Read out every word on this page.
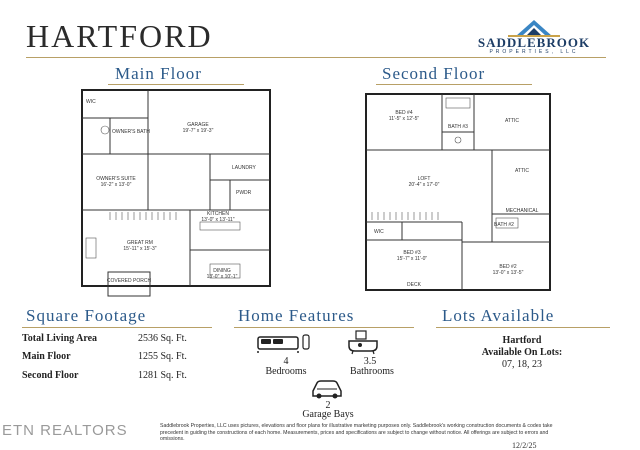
HARTFORD	SADDLEBROOK
PROPERTIES, LLC
Main Floor
WIC
OWNER'S BATH
GARAGE
19'-7" x 19'-3"
OWNER'S SUITE
16'-2" x 13'-0"
LAUNDRY
PWDR
KITCHEN
13'-0" x 13'-11"
GREAT RM
15'-11" x 15'-3"
DINING
13'-0" x 10'-1"
COVERED PORCH
Second Floor
BED #4
11'-5" x 12'-5"
BATH #3
ATTIC
LOFT
20'-4" x 17'-0"
ATTIC
MECHANICAL
WIC
BATH #2
BED #3
15'-7" x 11'-0"
BED #2
13'-0" x 13'-5"
DECK
Square Footage
Total Living Area	2536 Sq. Ft.
Main Floor	1255 Sq. Ft.
Second Floor	1281 Sq. Ft.
Home Features
4
Bedrooms
3.5
Bathrooms
2
Garage Bays
Lots Available
Hartford
Available On Lots:
07, 18, 23
ETN REALTORS	Saddlebrook Properties, LLC uses pictures, elevations and floor plans for illustrative marketing purposes only. Saddlebrook's working construction documents & codes take precedent in guiding the constructions of each home. Measurements, prices and specifications are subject to change without notice. All offerings are subject to errors and omissions.
12/2/25
